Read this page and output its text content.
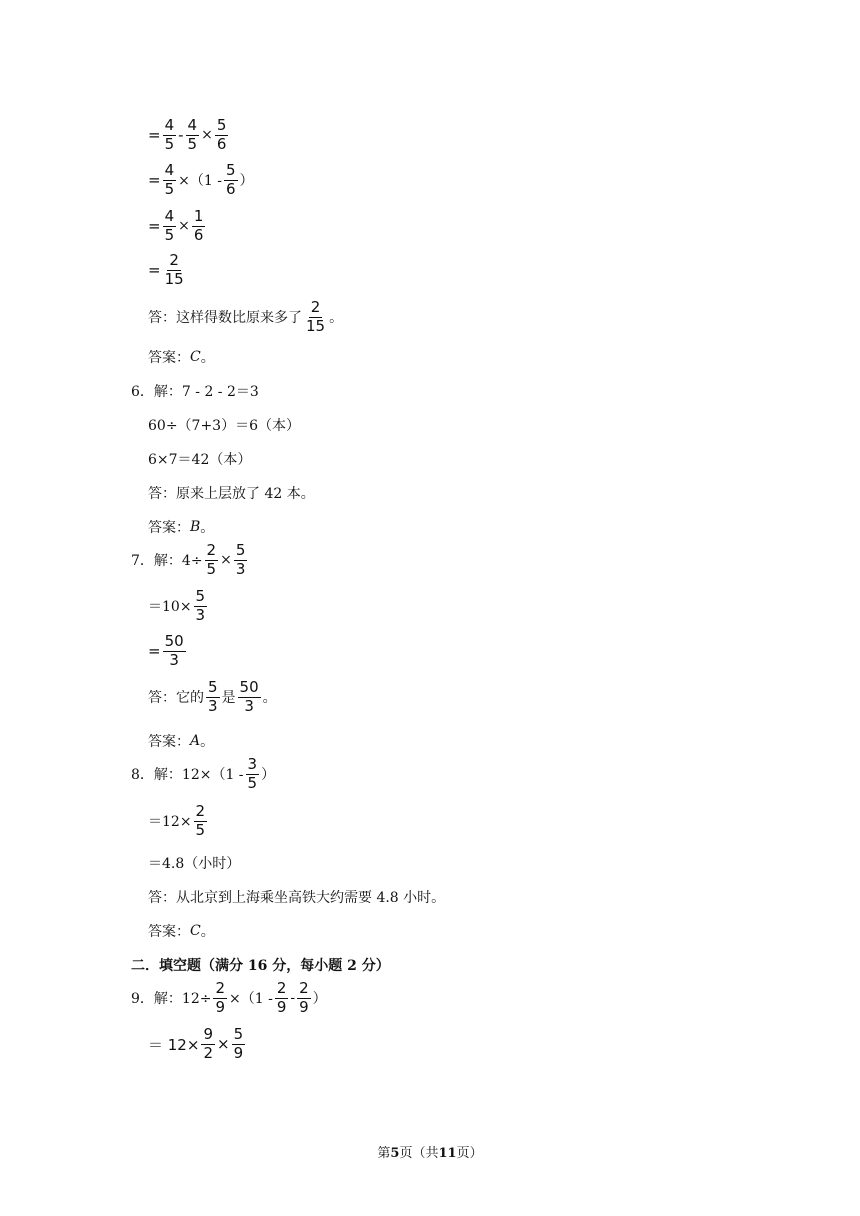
= $\frac{4}{5} - \frac{4}{5} \times \frac{5}{6}$
= $\frac{4}{5} \times(1 - \frac{5}{6}$ ）
= $\frac{4}{5} \times \frac{1}{6}$
= $\frac{2}{15}$
答：这样得数比原来多了 $\frac{2}{15}$ 。
答案： C 。
6．解：7 - 2 - 2＝3
60÷（7+3）＝6（本）
6×7＝42（本）
答：原来上层放了 42 本。
答案： B 。
7．解：$4\div \frac{2}{5} \times \frac{5}{3}$
$=10\times \frac{5}{3}$
= $\frac{50}{3}$
答：它的 $\frac{5}{3}$ 是 $\frac{50}{3}$ 。
答案： A 。
8．解：$12\times(1 - \frac{3}{5}$ ）
$=12\times \frac{2}{5}$
＝4.8（小时）
答：从北京到上海乘坐高铁大约需要 4.8 小时。
答案： C 。
二．填空题（满分 16 分，每小题 2 分）
9．解：$12\div \frac{2}{9} \times(1 - \frac{2}{9} - \frac{2}{9}$ ）
＝ $12\times \frac{9}{2} \times \frac{5}{9}$
第5页（共11页）
